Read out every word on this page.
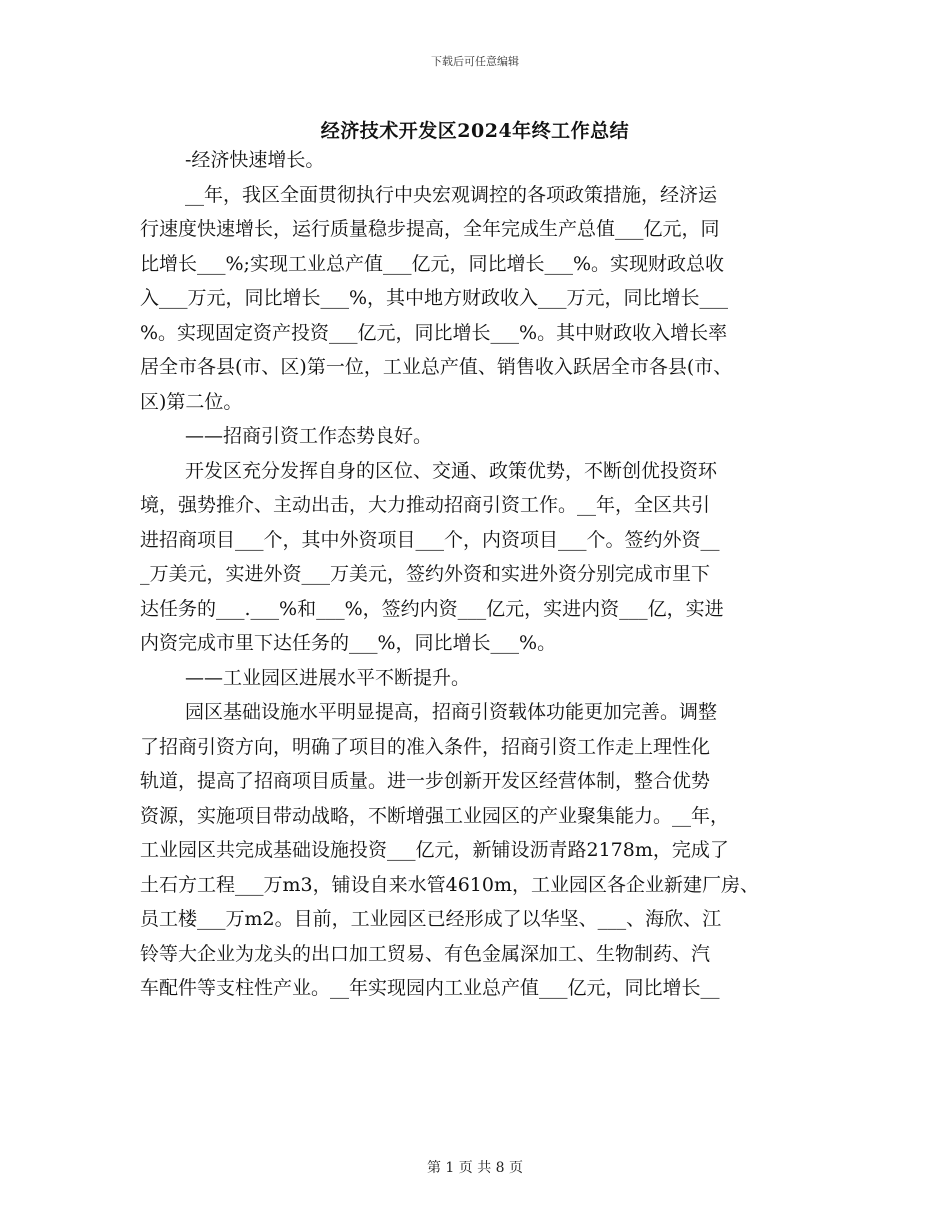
下载后可任意编辑
经济技术开发区2024年终工作总结
-经济快速增长。
__年，我区全面贯彻执行中央宏观调控的各项政策措施，经济运
行速度快速增长，运行质量稳步提高，全年完成生产总值___亿元，同
比增长___%;实现工业总产值___亿元，同比增长___%。实现财政总收
入___万元，同比增长___%，其中地方财政收入___万元，同比增长___
%。实现固定资产投资___亿元，同比增长___%。其中财政收入增长率
居全市各县(市、区)第一位，工业总产值、销售收入跃居全市各县(市、
区)第二位。
——招商引资工作态势良好。
开发区充分发挥自身的区位、交通、政策优势，不断创优投资环
境，强势推介、主动出击，大力推动招商引资工作。__年，全区共引
进招商项目___个，其中外资项目___个，内资项目___个。签约外资__
_万美元，实进外资___万美元，签约外资和实进外资分别完成市里下
达任务的___.___%和___%，签约内资___亿元，实进内资___亿，实进
内资完成市里下达任务的___%，同比增长___%。
——工业园区进展水平不断提升。
园区基础设施水平明显提高，招商引资载体功能更加完善。调整
了招商引资方向，明确了项目的准入条件，招商引资工作走上理性化
轨道，提高了招商项目质量。进一步创新开发区经营体制，整合优势
资源，实施项目带动战略，不断增强工业园区的产业聚集能力。__年，
工业园区共完成基础设施投资___亿元，新铺设沥青路2178m，完成了
土石方工程___万m3，铺设自来水管4610m，工业园区各企业新建厂房、
员工楼___万m2。目前，工业园区已经形成了以华坚、___、海欣、江
铃等大企业为龙头的出口加工贸易、有色金属深加工、生物制药、汽
车配件等支柱性产业。__年实现园内工业总产值___亿元，同比增长__
第 1 页 共 8 页
